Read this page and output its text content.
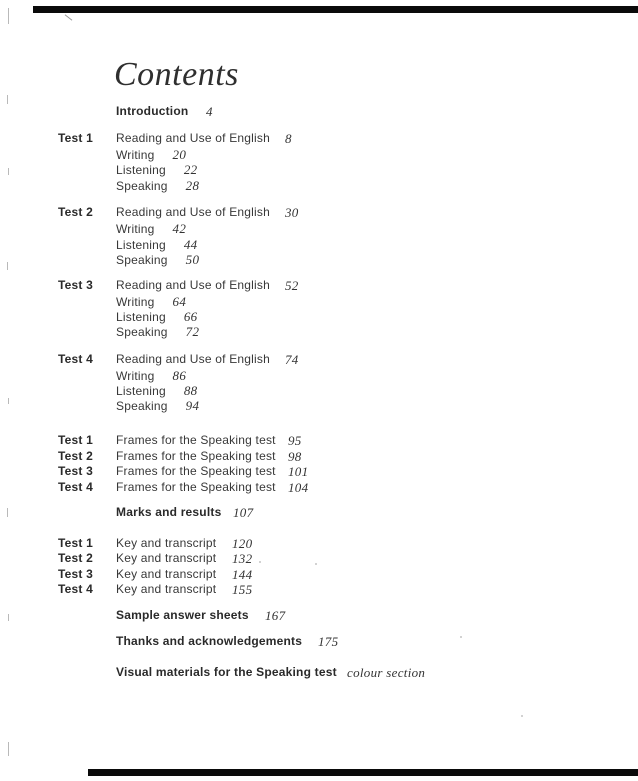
Contents
Introduction 4
Test 1 Reading and Use of English 8
Writing 20
Listening 22
Speaking 28
Test 2 Reading and Use of English 30
Writing 42
Listening 44
Speaking 50
Test 3 Reading and Use of English 52
Writing 64
Listening 66
Speaking 72
Test 4 Reading and Use of English 74
Writing 86
Listening 88
Speaking 94
Test 1 Frames for the Speaking test 95
Test 2 Frames for the Speaking test 98
Test 3 Frames for the Speaking test 101
Test 4 Frames for the Speaking test 104
Marks and results 107
Test 1 Key and transcript 120
Test 2 Key and transcript 132
Test 3 Key and transcript 144
Test 4 Key and transcript 155
Sample answer sheets 167
Thanks and acknowledgements 175
Visual materials for the Speaking test colour section
